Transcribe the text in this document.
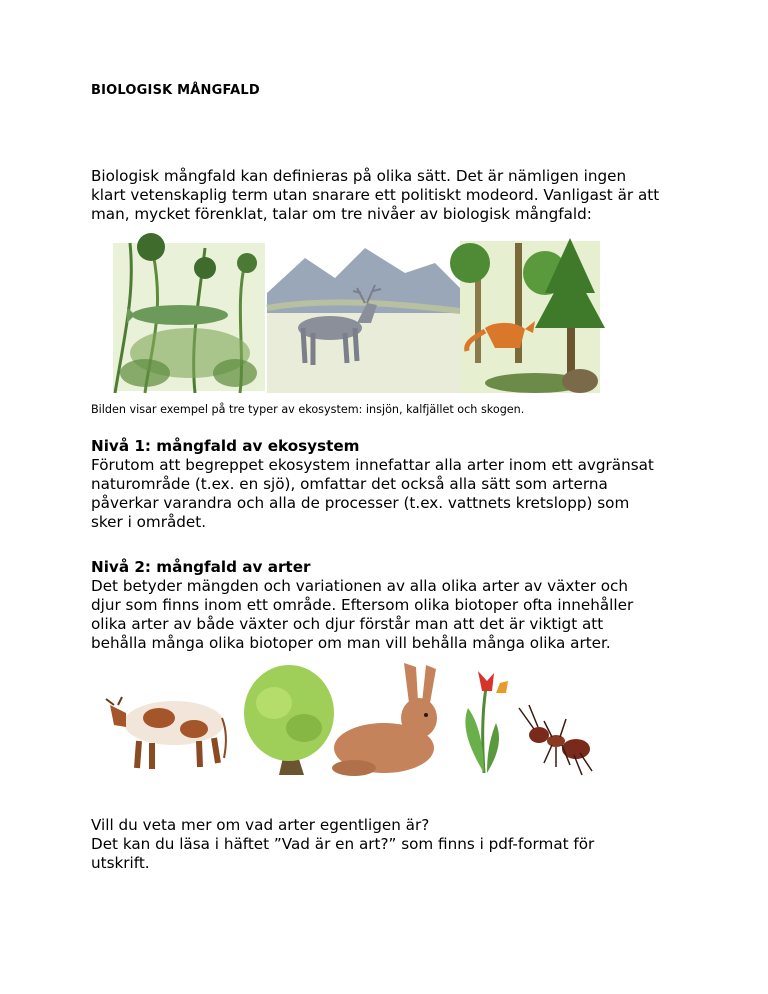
BIOLOGISK MÅNGFALD

Biologisk mångfald kan definieras på olika sätt. Det är nämligen ingen
klart vetenskaplig term utan snarare ett politiskt modeord. Vanligast är att
man, mycket förenklat, talar om tre nivåer av biologisk mångfald:

Bilden visar exempel på tre typer av ekosystem: insjön, kalfjället och skogen.
Nivå 1: mångfald av ekosystem

Förutom att begreppet ekosystem innefattar alla arter inom ett avgränsat
naturområde (t.ex. en sjö), omfattar det också alla sätt som arterna
påverkar varandra och alla de processer (t.ex. vattnets kretslopp) som
sker i området.

Nivå 2: mångfald av arter

Det betyder mängden och variationen av alla olika arter av växter och
djur som finns inom ett område. Eftersom olika biotoper ofta innehåller
olika arter av både växter och djur förstår man att det är viktigt att
behålla många olika biotoper om man vill behålla många olika arter.

Vill du veta mer om vad arter egentligen är?
Det kan du läsa i häftet ”Vad är en art?” som finns i pdf-format för
utskrift.
